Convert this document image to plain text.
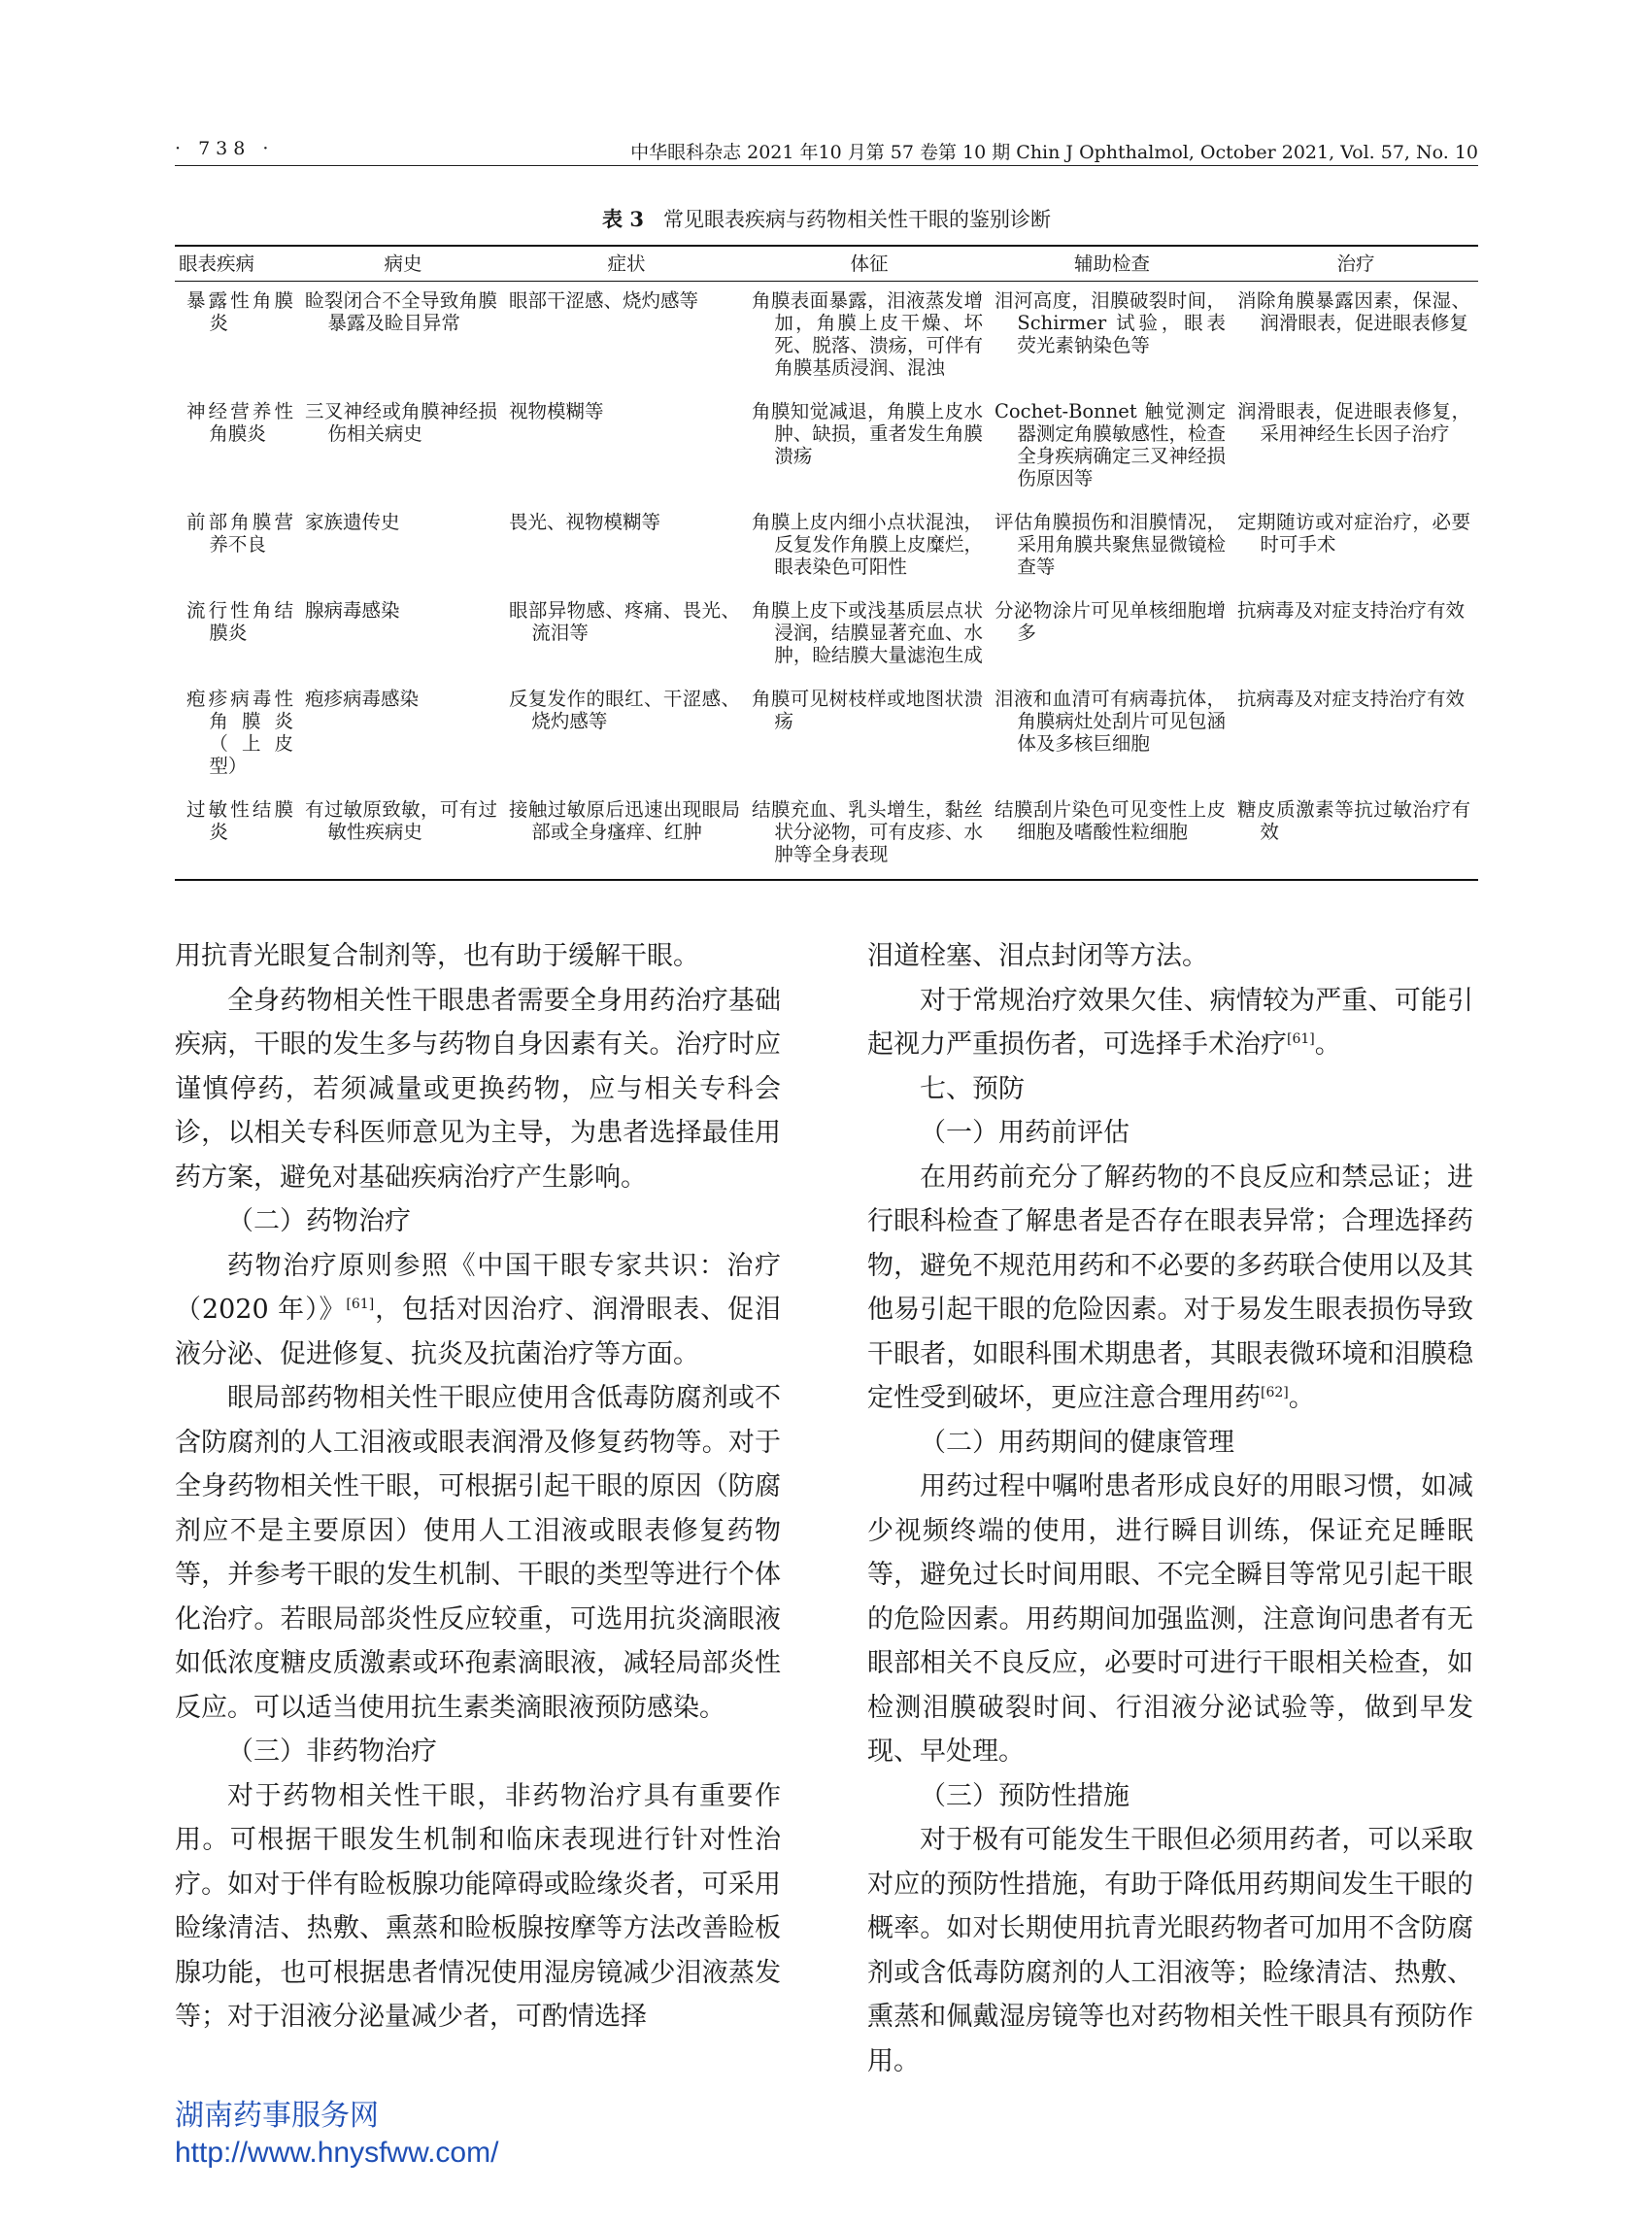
· 738 ·	中华眼科杂志 2021 年10 月第 57 卷第 10 期 Chin J Ophthalmol, October 2021, Vol. 57, No. 10
表 3 常见眼表疾病与药物相关性干眼的鉴别诊断
眼表疾病	病史	症状	体征	辅助检查	治疗

暴露性角膜炎	睑裂闭合不全导致角膜暴露及睑目异常	眼部干涩感、烧灼感等	角膜表面暴露，泪液蒸发增加，角膜上皮干燥、坏死、脱落、溃疡，可伴有角膜基质浸润、混浊	泪河高度，泪膜破裂时间，Schirmer 试验，眼表荧光素钠染色等	消除角膜暴露因素，保湿、润滑眼表，促进眼表修复

神经营养性角膜炎	三叉神经或角膜神经损伤相关病史	视物模糊等	角膜知觉减退，角膜上皮水肿、缺损，重者发生角膜溃疡	Cochet-Bonnet 触觉测定器测定角膜敏感性，检查全身疾病确定三叉神经损伤原因等	润滑眼表，促进眼表修复，采用神经生长因子治疗

前部角膜营养不良	家族遗传史	畏光、视物模糊等	角膜上皮内细小点状混浊，反复发作角膜上皮糜烂，眼表染色可阳性	评估角膜损伤和泪膜情况，采用角膜共聚焦显微镜检查等	定期随访或对症治疗，必要时可手术

流行性角结膜炎	腺病毒感染	眼部异物感、疼痛、畏光、流泪等	角膜上皮下或浅基质层点状浸润，结膜显著充血、水肿，睑结膜大量滤泡生成	分泌物涂片可见单核细胞增多	抗病毒及对症支持治疗有效

疱疹病毒性角膜炎（上皮型）	疱疹病毒感染	反复发作的眼红、干涩感、烧灼感等	角膜可见树枝样或地图状溃疡	泪液和血清可有病毒抗体，角膜病灶处刮片可见包涵体及多核巨细胞	抗病毒及对症支持治疗有效

过敏性结膜炎	有过敏原致敏，可有过敏性疾病史	接触过敏原后迅速出现眼局部或全身瘙痒、红肿	结膜充血、乳头增生，黏丝状分泌物，可有皮疹、水肿等全身表现	结膜刮片染色可见变性上皮细胞及嗜酸性粒细胞	糖皮质激素等抗过敏治疗有效

用抗青光眼复合制剂等，也有助于缓解干眼。

全身药物相关性干眼患者需要全身用药治疗基础疾病，干眼的发生多与药物自身因素有关。治疗时应谨慎停药，若须减量或更换药物，应与相关专科会诊，以相关专科医师意见为主导，为患者选择最佳用药方案，避免对基础疾病治疗产生影响。

（二）药物治疗

药物治疗原则参照《中国干眼专家共识：治疗（2020 年）》[61]，包括对因治疗、润滑眼表、促泪液分泌、促进修复、抗炎及抗菌治疗等方面。

眼局部药物相关性干眼应使用含低毒防腐剂或不含防腐剂的人工泪液或眼表润滑及修复药物等。对于全身药物相关性干眼，可根据引起干眼的原因（防腐剂应不是主要原因）使用人工泪液或眼表修复药物等，并参考干眼的发生机制、干眼的类型等进行个体化治疗。若眼局部炎性反应较重，可选用抗炎滴眼液如低浓度糖皮质激素或环孢素滴眼液，减轻局部炎性反应。可以适当使用抗生素类滴眼液预防感染。

（三）非药物治疗

对于药物相关性干眼，非药物治疗具有重要作用。可根据干眼发生机制和临床表现进行针对性治疗。如对于伴有睑板腺功能障碍或睑缘炎者，可采用睑缘清洁、热敷、熏蒸和睑板腺按摩等方法改善睑板腺功能，也可根据患者情况使用湿房镜减少泪液蒸发等；对于泪液分泌量减少者，可酌情选择

泪道栓塞、泪点封闭等方法。

对于常规治疗效果欠佳、病情较为严重、可能引起视力严重损伤者，可选择手术治疗[61]。

七、预防
（一）用药前评估

在用药前充分了解药物的不良反应和禁忌证；进行眼科检查了解患者是否存在眼表异常；合理选择药物，避免不规范用药和不必要的多药联合使用以及其他易引起干眼的危险因素。对于易发生眼表损伤导致干眼者，如眼科围术期患者，其眼表微环境和泪膜稳定性受到破坏，更应注意合理用药[62]。

（二）用药期间的健康管理

用药过程中嘱咐患者形成良好的用眼习惯，如减少视频终端的使用，进行瞬目训练，保证充足睡眠等，避免过长时间用眼、不完全瞬目等常见引起干眼的危险因素。用药期间加强监测，注意询问患者有无眼部相关不良反应，必要时可进行干眼相关检查，如检测泪膜破裂时间、行泪液分泌试验等，做到早发现、早处理。

（三）预防性措施

对于极有可能发生干眼但必须用药者，可以采取对应的预防性措施，有助于降低用药期间发生干眼的概率。如对长期使用抗青光眼药物者可加用不含防腐剂或含低毒防腐剂的人工泪液等；睑缘清洁、热敷、熏蒸和佩戴湿房镜等也对药物相关性干眼具有预防作用。

湖南药事服务网
http://www.hnysfww.com/
